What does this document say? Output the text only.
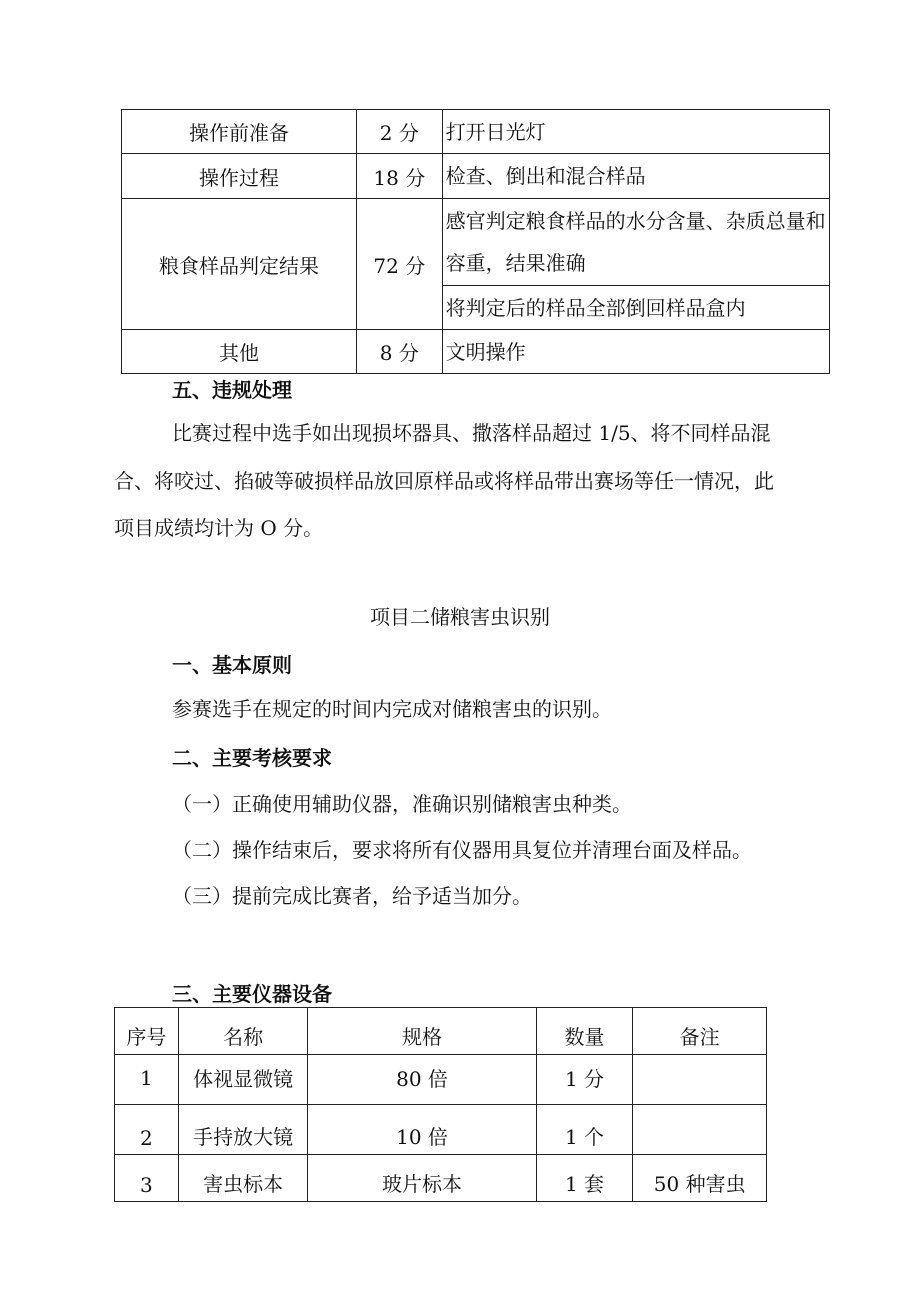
操作前准备	2 分	打开日光灯
操作过程	18 分	检查、倒出和混合样品
粮食样品判定结果	72 分	感官判定粮食样品的水分含量、杂质总量和容重，结果准确
		将判定后的样品全部倒回样品盒内
其他	8 分	文明操作
五、违规处理
比赛过程中选手如出现损坏器具、撒落样品超过 1/5、将不同样品混
合、将咬过、掐破等破损样品放回原样品或将样品带出赛场等任一情况，此
项目成绩均计为 O 分。
项目二储粮害虫识别
一、基本原则
参赛选手在规定的时间内完成对储粮害虫的识别。
二、主要考核要求
（一）正确使用辅助仪器，准确识别储粮害虫种类。
（二）操作结束后，要求将所有仪器用具复位并清理台面及样品。
（三）提前完成比赛者，给予适当加分。
三、主要仪器设备
序号	名称	规格	数量	备注
1	体视显微镜	80 倍	1 分	
2	手持放大镜	10 倍	1 个	
3	害虫标本	玻片标本	1 套	50 种害虫
